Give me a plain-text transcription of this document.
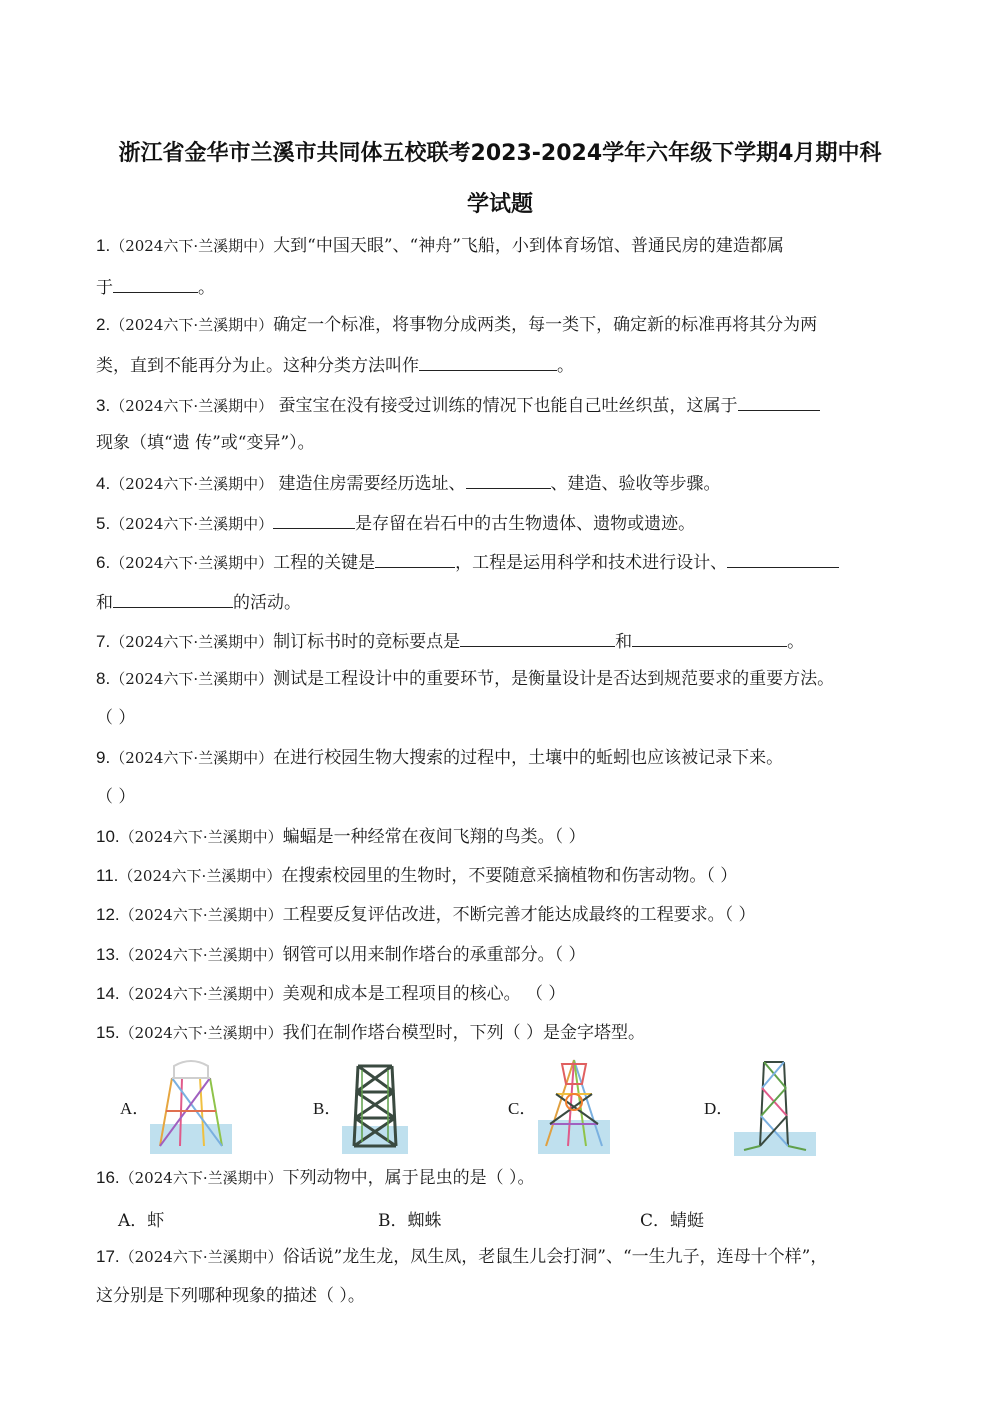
浙江省金华市兰溪市共同体五校联考2023-2024学年六年级下学期4月期中科
学试题
1.（2024六下·兰溪期中）大到“中国天眼”、“神舟”飞船，小到体育场馆、普通民房的建造都属
于	。
2.（2024六下·兰溪期中）确定一个标准，将事物分成两类，每一类下，确定新的标准再将其分为两
类，直到不能再分为止。这种分类方法叫作	。
3.（2024六下·兰溪期中） 蚕宝宝在没有接受过训练的情况下也能自己吐丝织茧，这属于
现象（填“遗 传”或“变异”）。
4.（2024六下·兰溪期中） 建造住房需要经历选址、	、建造、验收等步骤。
5.（2024六下·兰溪期中）	是存留在岩石中的古生物遗体、遗物或遗迹。
6.（2024六下·兰溪期中）工程的关键是	，工程是运用科学和技术进行设计、
和	的活动。
7.（2024六下·兰溪期中）制订标书时的竞标要点是	和	。
8.（2024六下·兰溪期中）测试是工程设计中的重要环节，是衡量设计是否达到规范要求的重要方法。
（ ）
9.（2024六下·兰溪期中）在进行校园生物大搜索的过程中，土壤中的蚯蚓也应该被记录下来。
（ ）
10.（2024六下·兰溪期中）蝙蝠是一种经常在夜间飞翔的鸟类。（ ）
11.（2024六下·兰溪期中）在搜索校园里的生物时，不要随意采摘植物和伤害动物。（ ）
12.（2024六下·兰溪期中）工程要反复评估改进，不断完善才能达成最终的工程要求。（ ）
13.（2024六下·兰溪期中）钢管可以用来制作塔台的承重部分。（ ）
14.（2024六下·兰溪期中）美观和成本是工程项目的核心。 （ ）
15.（2024六下·兰溪期中）我们在制作塔台模型时，下列（ ）是金字塔型。
A．	B．	C．	D．
16.（2024六下·兰溪期中）下列动物中，属于昆虫的是（ ）。
A．虾	B．蜘蛛	C．蜻蜓
17.（2024六下·兰溪期中）俗话说”龙生龙，凤生凤，老鼠生儿会打洞”、“一生九子，连母十个样”，
这分别是下列哪种现象的描述（ ）。
